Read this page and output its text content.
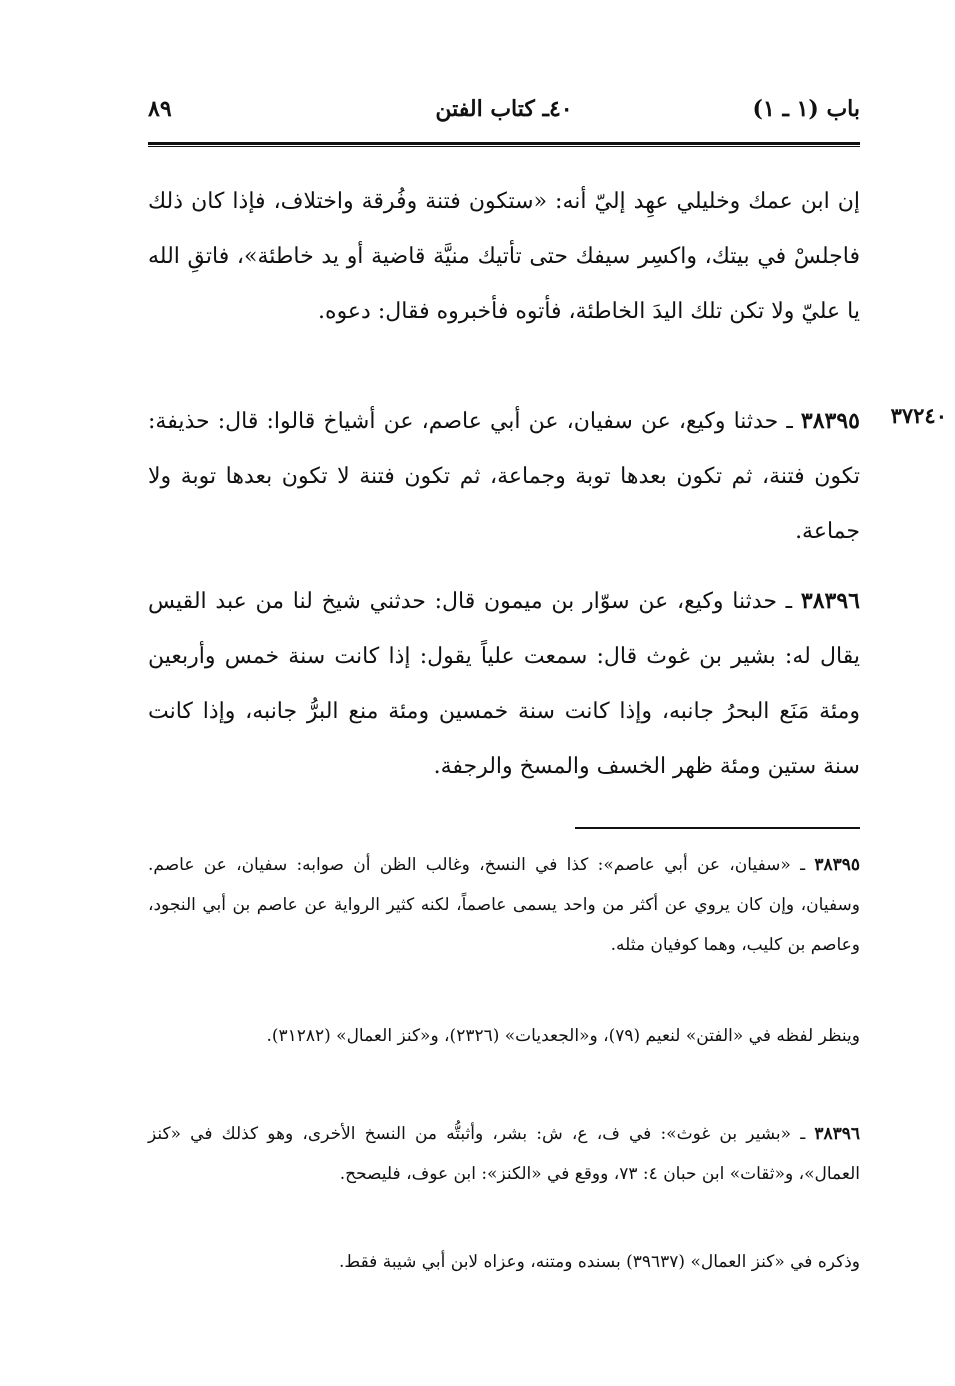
باب (١ ـ ١)
٤٠ـ كتاب الفتن
٨٩
إن ابن عمك وخليلي عهِد إليّ أنه: «ستكون فتنة وفُرقة واختلاف، فإذا كان ذلك فاجلسْ في بيتك، واكسِر سيفك حتى تأتيك منيَّة قاضية أو يد خاطئة»، فاتقِ الله يا عليّ ولا تكن تلك اليدَ الخاطئة، فأتوه فأخبروه فقال: دعوه.
٣٧٢٤٠
٣٨٣٩٥ ـ حدثنا وكيع، عن سفيان، عن أبي عاصم، عن أشياخ قالوا: قال: حذيفة: تكون فتنة، ثم تكون بعدها توبة وجماعة، ثم تكون فتنة لا تكون بعدها توبة ولا جماعة.
٣٨٣٩٦ ـ حدثنا وكيع، عن سوّار بن ميمون قال: حدثني شيخ لنا من عبد القيس يقال له: بشير بن غوث قال: سمعت علياً يقول: إذا كانت سنة خمس وأربعين ومئة مَنَع البحرُ جانبه، وإذا كانت سنة خمسين ومئة منع البرُّ جانبه، وإذا كانت سنة ستين ومئة ظهر الخسف والمسخ والرجفة.
٣٨٣٩٥ ـ «سفيان، عن أبي عاصم»: كذا في النسخ، وغالب الظن أن صوابه: سفيان، عن عاصم. وسفيان، وإن كان يروي عن أكثر من واحد يسمى عاصماً، لكنه كثير الرواية عن عاصم بن أبي النجود، وعاصم بن كليب، وهما كوفيان مثله.
وينظر لفظه في «الفتن» لنعيم (٧٩)، و«الجعديات» (٢٣٢٦)، و«كنز العمال» (٣١٢٨٢).
٣٨٣٩٦ ـ «بشير بن غوث»: في ف، ع، ش: بشر، وأثبتُّه من النسخ الأخرى، وهو كذلك في «كنز العمال»، و«ثقات» ابن حبان ٤: ٧٣، ووقع في «الكنز»: ابن عوف، فليصحح.
وذكره في «كنز العمال» (٣٩٦٣٧) بسنده ومتنه، وعزاه لابن أبي شيبة فقط.
